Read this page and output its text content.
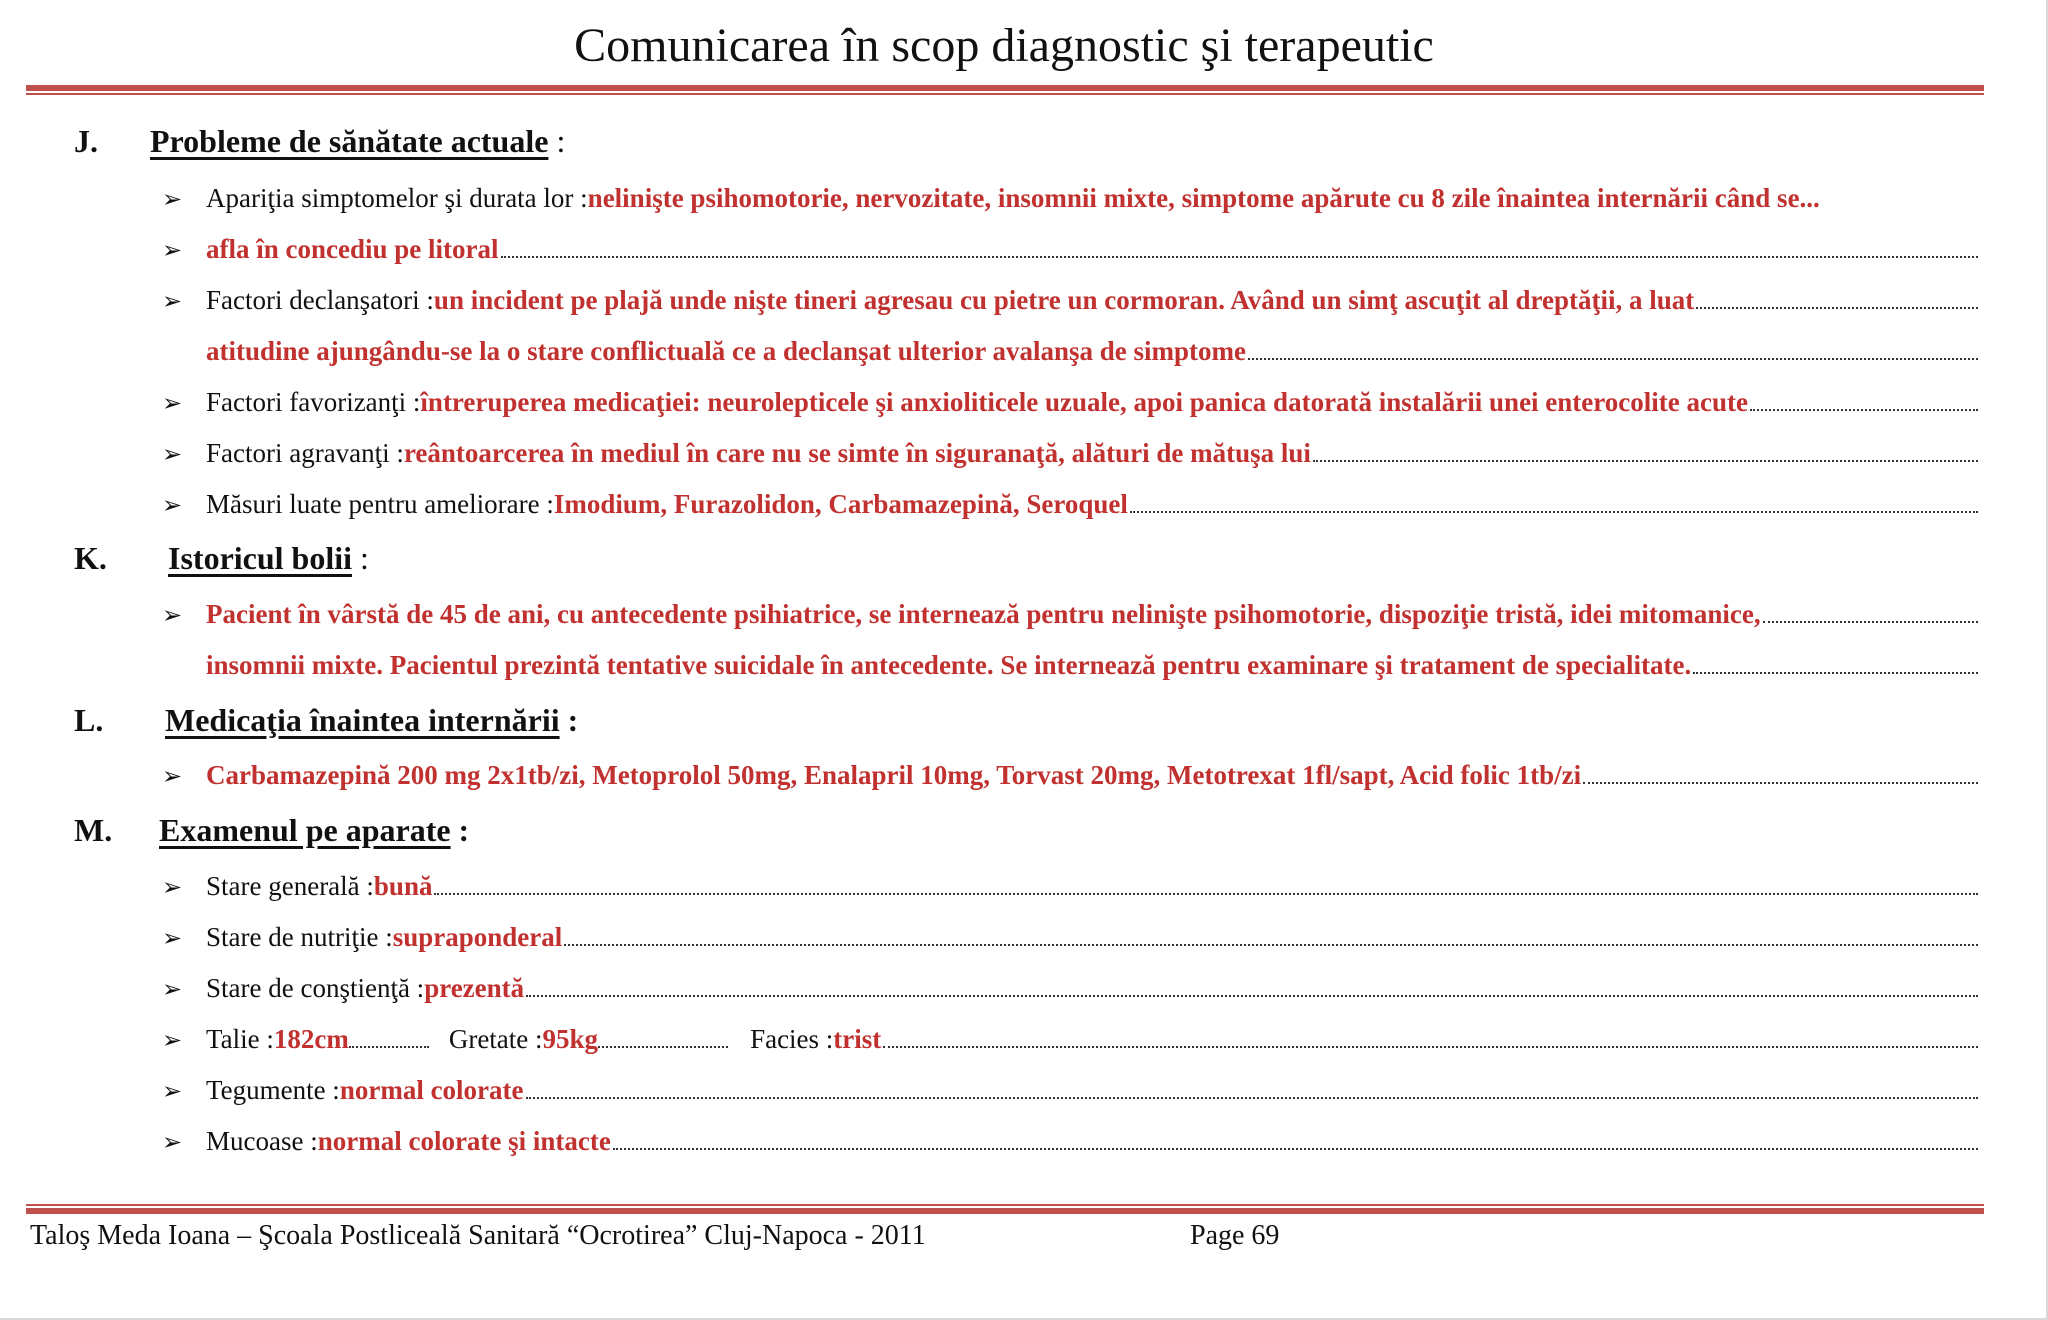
Comunicarea în scop diagnostic şi terapeutic
J.	Probleme de sănătate actuale :
➢ Apariţia simptomelor şi durata lor : nelinişte psihomotorie, nervozitate, insomnii mixte, simptome apărute cu 8 zile înaintea internării când se...
➢ afla în concediu pe litoral
➢ Factori declanşatori : un incident pe plajă unde nişte tineri agresau cu pietre un cormoran. Având un simţ ascuţit al dreptăţii, a luat
atitudine ajungându-se la o stare conflictuală ce a declanşat ulterior avalanşa de simptome
➢ Factori favorizanţi : întreruperea medicaţiei: neurolepticele şi anxioliticele uzuale, apoi panica datorată instalării unei enterocolite acute
➢ Factori agravanţi : reântoarcerea în mediul în care nu se simte în siguranaţă, alături de mătuşa lui
➢ Măsuri luate pentru ameliorare : Imodium, Furazolidon, Carbamazepină, Seroquel
K.	Istoricul bolii :
➢ Pacient în vârstă de 45 de ani, cu antecedente psihiatrice, se internează pentru nelinişte psihomotorie, dispoziţie tristă, idei mitomanice,
insomnii mixte. Pacientul prezintă tentative suicidale în antecedente. Se internează pentru examinare şi tratament de specialitate.
L.	Medicaţia înaintea internării :
➢ Carbamazepină 200 mg 2x1tb/zi, Metoprolol 50mg, Enalapril 10mg, Torvast 20mg, Metotrexat 1fl/sapt, Acid folic 1tb/zi
M.	Examenul pe aparate :
➢ Stare generală : bună
➢ Stare de nutriţie : supraponderal
➢ Stare de conştienţă : prezentă
➢ Talie : 182cm	Gretate : 95kg	Facies : trist
➢ Tegumente : normal colorate
➢ Mucoase : normal colorate şi intacte
Taloş Meda Ioana – Şcoala Postliceală Sanitară “Ocrotirea” Cluj-Napoca - 2011	Page 69
